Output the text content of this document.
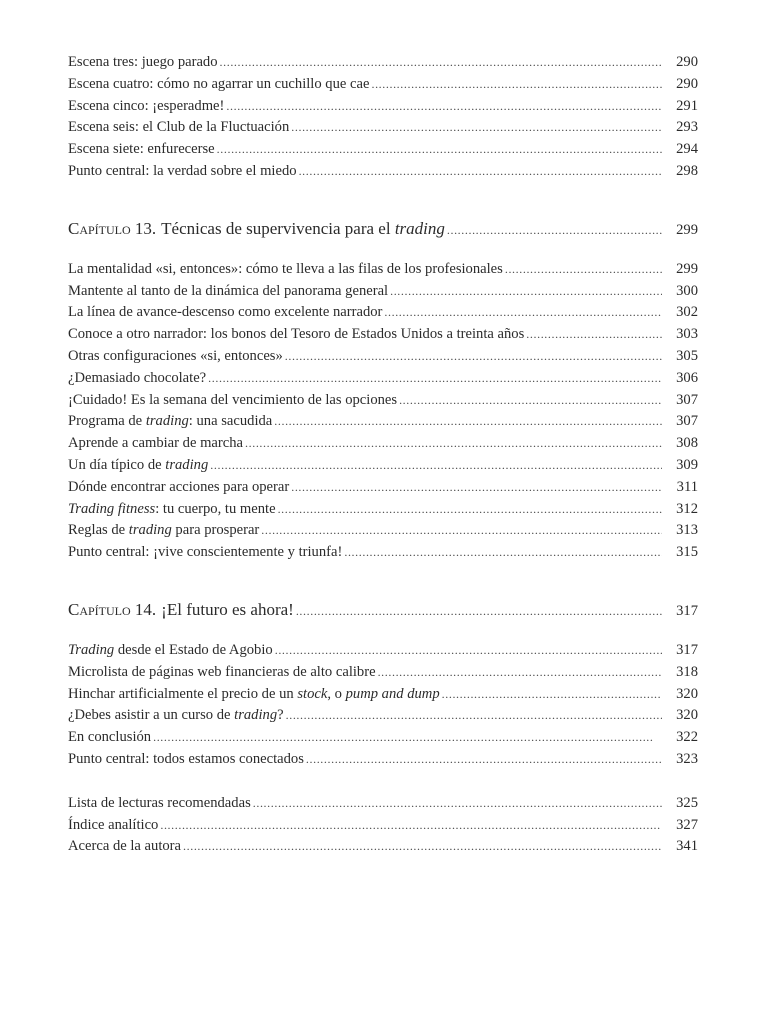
Escena tres: juego parado . . .	290
Escena cuatro: cómo no agarrar un cuchillo que cae . . .	290
Escena cinco: ¡esperadme! . . .	291
Escena seis: el Club de la Fluctuación . . .	293
Escena siete: enfurecerse . . .	294
Punto central: la verdad sobre el miedo . . .	298
Capítulo
13. Técnicas de supervivencia para el trading . . .	299
La mentalidad «si, entonces»: cómo te lleva a las filas de los profesionales . . .	299
Mantente al tanto de la dinámica del panorama general . . .	300
La línea de avance-descenso como excelente narrador . . .	302
Conoce a otro narrador: los bonos del Tesoro de Estados Unidos a treinta años . . .	303
Otras configuraciones «si, entonces» . . .	305
¿Demasiado chocolate? . . .	306
¡Cuidado! Es la semana del vencimiento de las opciones . . .	307
Programa de trading: una sacudida . . .	307
Aprende a cambiar de marcha . . .	308
Un día típico de trading . . .	309
Dónde encontrar acciones para operar . . .	311
Trading fitness: tu cuerpo, tu mente . . .	312
Reglas de trading para prosperar . . .	313
Punto central: ¡vive conscientemente y triunfa! . . .	315
Capítulo
14. ¡El futuro es ahora! . . .	317
Trading desde el Estado de Agobio . . .	317
Microlista de páginas web financieras de alto calibre . . .	318
Hinchar artificialmente el precio de un stock, o pump and dump . . .	320
¿Debes asistir a un curso de trading? . . .	320
En conclusión . . .	322
Punto central: todos estamos conectados . . .	323
Lista de lecturas recomendadas . . .	325
Índice analítico . . .	327
Acerca de la autora . . .	341
